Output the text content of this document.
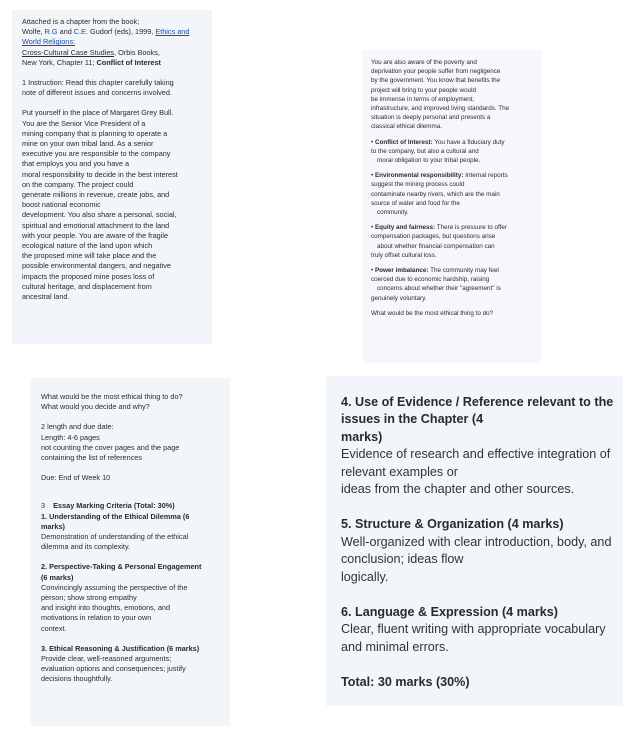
Attached is a chapter from the book;
Wolfe, R.G and C.E. Gudorf (eds), 1999, Ethics and
World Religions:
Cross-Cultural Case Studies, Orbis Books,
New York, Chapter 11; Conflict of Interest
1 Instruction: Read this chapter carefully taking
note of different issues and concerns involved.
Put yourself in the place of Margaret Grey Bull.
You are the Senior Vice President of a
mining company that is planning to operate a
mine on your own tribal land. As a senior
executive you are responsible to the company
that employs you and you have a
moral responsibility to decide in the best interest
on the company. The project could
generate millions in revenue, create jobs, and
boost national economic
development. You also share a personal, social,
spiritual and emotional attachment to the land
with your people. You are aware of the fragile
ecological nature of the land upon which
the proposed mine will take place and the
possible environmental dangers, and negative
impacts the proposed mine poses loss of
cultural heritage, and displacement from
ancestral land.
You are also aware of the poverty and
deprivation your people suffer from negligence
by the government. You know that benefits the
project will bring to your people would
be immense in terms of employment,
infrastructure, and improved living standards. The
situation is deeply personal and presents a
classical ethical dilemma.
• Conflict of Interest: You have a fiduciary duty
to the company, but also a cultural and
moral obligation to your tribal people.
• Environmental responsibility: Internal reports
suggest the mining process could
contaminate nearby rivers, which are the main
source of water and food for the
community.
• Equity and fairness: There is pressure to offer
compensation packages, but questions arise
about whether financial compensation can
truly offset cultural loss.
• Power imbalance: The community may feel
coerced due to economic hardship, raising
concerns about whether their "agreement" is
genuinely voluntary.
What would be the most ethical thing to do?
What would be the most ethical thing to do?
What would you decide and why?
2 length and due date:
Length: 4-6 pages
not counting the cover pages and the page
containing the list of references
Due: End of Week 10
3 Essay Marking Criteria (Total: 30%)
1. Understanding of the Ethical Dilemma (6
marks)
Demonstration of understanding of the ethical
dilemma and its complexity.
2. Perspective-Taking & Personal Engagement
(6 marks)
Convincingly assuming the perspective of the
person; show strong empathy
and insight into thoughts, emotions, and
motivations in relation to your own
context.
3. Ethical Reasoning & Justification (6 marks)
Provide clear, well-reasoned arguments;
evaluation options and consequences; justify
decisions thoughtfully.
4. Use of Evidence / Reference relevant to the
issues in the Chapter (4
marks)
Evidence of research and effective integration of
relevant examples or
ideas from the chapter and other sources.
5. Structure & Organization (4 marks)
Well-organized with clear introduction, body, and
conclusion; ideas flow
logically.
6. Language & Expression (4 marks)
Clear, fluent writing with appropriate vocabulary
and minimal errors.
Total: 30 marks (30%)
